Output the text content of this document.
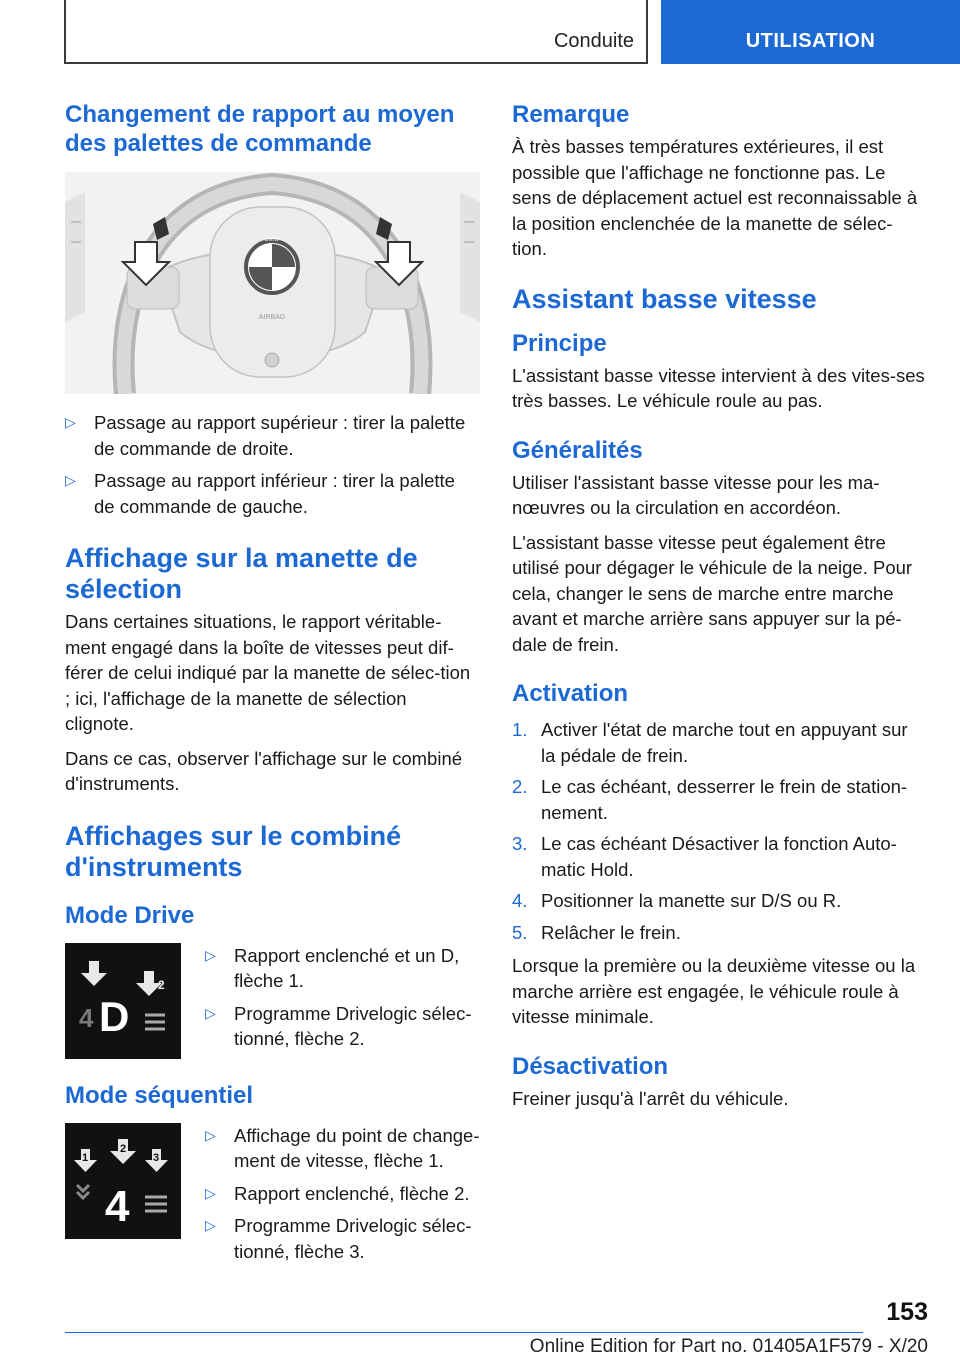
Conduite	UTILISATION
Changement de rapport au moyen des palettes de commande
BMW
AIRBAG
▷ Passage au rapport supérieur : tirer la palette de commande de droite.
▷ Passage au rapport inférieur : tirer la palette de commande de gauche.
Affichage sur la manette de sélection

Dans certaines situations, le rapport véritable-ment engagé dans la boîte de vitesses peut dif-férer de celui indiqué par la manette de sélec-tion ; ici, l'affichage de la manette de sélection clignote.

Dans ce cas, observer l'affichage sur le combiné d'instruments.

Affichages sur le combiné d'instruments
Mode Drive
2
4 D
▷ Rapport enclenché et un D, flèche 1.
▷ Programme Drivelogic sélec-tionné, flèche 2.
Mode séquentiel
1
2
3
4
▷ Affichage du point de change-ment de vitesse, flèche 1.
▷ Rapport enclenché, flèche 2.
▷ Programme Drivelogic sélec-tionné, flèche 3.
Remarque

À très basses températures extérieures, il est possible que l'affichage ne fonctionne pas. Le sens de déplacement actuel est reconnaissable à la position enclenchée de la manette de sélec-tion.

Assistant basse vitesse
Principe

L'assistant basse vitesse intervient à des vites-ses très basses. Le véhicule roule au pas.

Généralités

Utiliser l'assistant basse vitesse pour les ma-nœuvres ou la circulation en accordéon.

L'assistant basse vitesse peut également être utilisé pour dégager le véhicule de la neige. Pour cela, changer le sens de marche entre marche avant et marche arrière sans appuyer sur la pé-dale de frein.

Activation
1. Activer l'état de marche tout en appuyant sur la pédale de frein.
2. Le cas échéant, desserrer le frein de station-nement.
3. Le cas échéant Désactiver la fonction Auto-matic Hold.
4. Positionner la manette sur D/S ou R.
5. Relâcher le frein.

Lorsque la première ou la deuxième vitesse ou la marche arrière est engagée, le véhicule roule à vitesse minimale.

Désactivation

Freiner jusqu'à l'arrêt du véhicule.

153
Online Edition for Part no. 01405A1F579 - X/20
